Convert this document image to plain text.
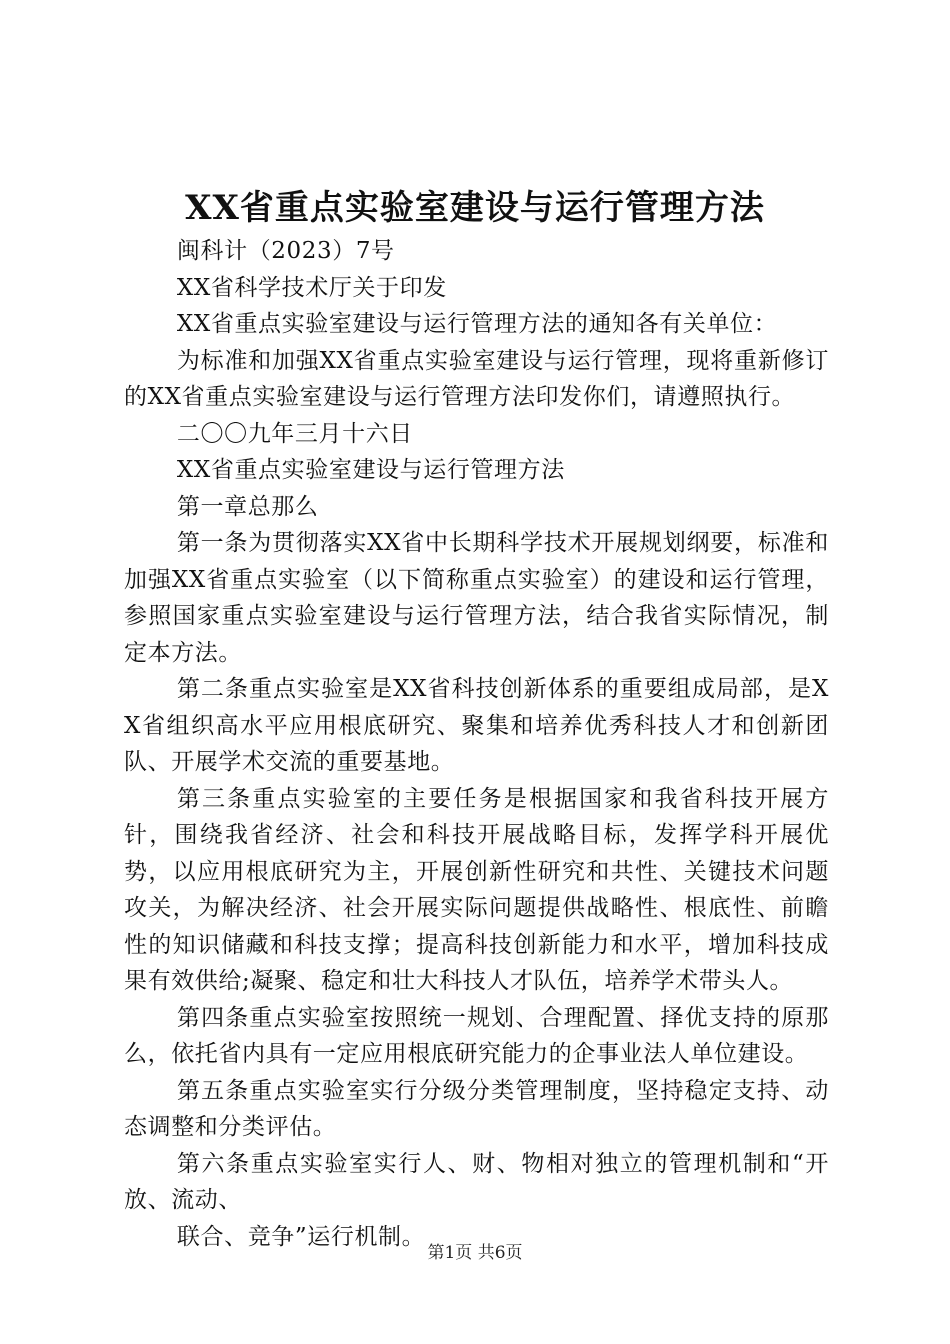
XX省重点实验室建设与运行管理方法

闽科计（2023）7号

XX省科学技术厅关于印发

XX省重点实验室建设与运行管理方法的通知各有关单位：

为标准和加强XX省重点实验室建设与运行管理，现将重新修订的XX省重点实验室建设与运行管理方法印发你们，请遵照执行。

二〇〇九年三月十六日

XX省重点实验室建设与运行管理方法

第一章总那么

第一条为贯彻落实XX省中长期科学技术开展规划纲要，标准和加强XX省重点实验室（以下简称重点实验室）的建设和运行管理，参照国家重点实验室建设与运行管理方法，结合我省实际情况，制定本方法。

第二条重点实验室是XX省科技创新体系的重要组成局部，是XX省组织高水平应用根底研究、聚集和培养优秀科技人才和创新团队、开展学术交流的重要基地。

第三条重点实验室的主要任务是根据国家和我省科技开展方针，围绕我省经济、社会和科技开展战略目标，发挥学科开展优势，以应用根底研究为主，开展创新性研究和共性、关键技术问题攻关，为解决经济、社会开展实际问题提供战略性、根底性、前瞻性的知识储藏和科技支撑；提高科技创新能力和水平，增加科技成果有效供给;凝聚、稳定和壮大科技人才队伍，培养学术带头人。

第四条重点实验室按照统一规划、合理配置、择优支持的原那么，依托省内具有一定应用根底研究能力的企事业法人单位建设。

第五条重点实验室实行分级分类管理制度，坚持稳定支持、动态调整和分类评估。

第六条重点实验室实行人、财、物相对独立的管理机制和“开放、流动、

联合、竞争”运行机制。

第1页 共6页
